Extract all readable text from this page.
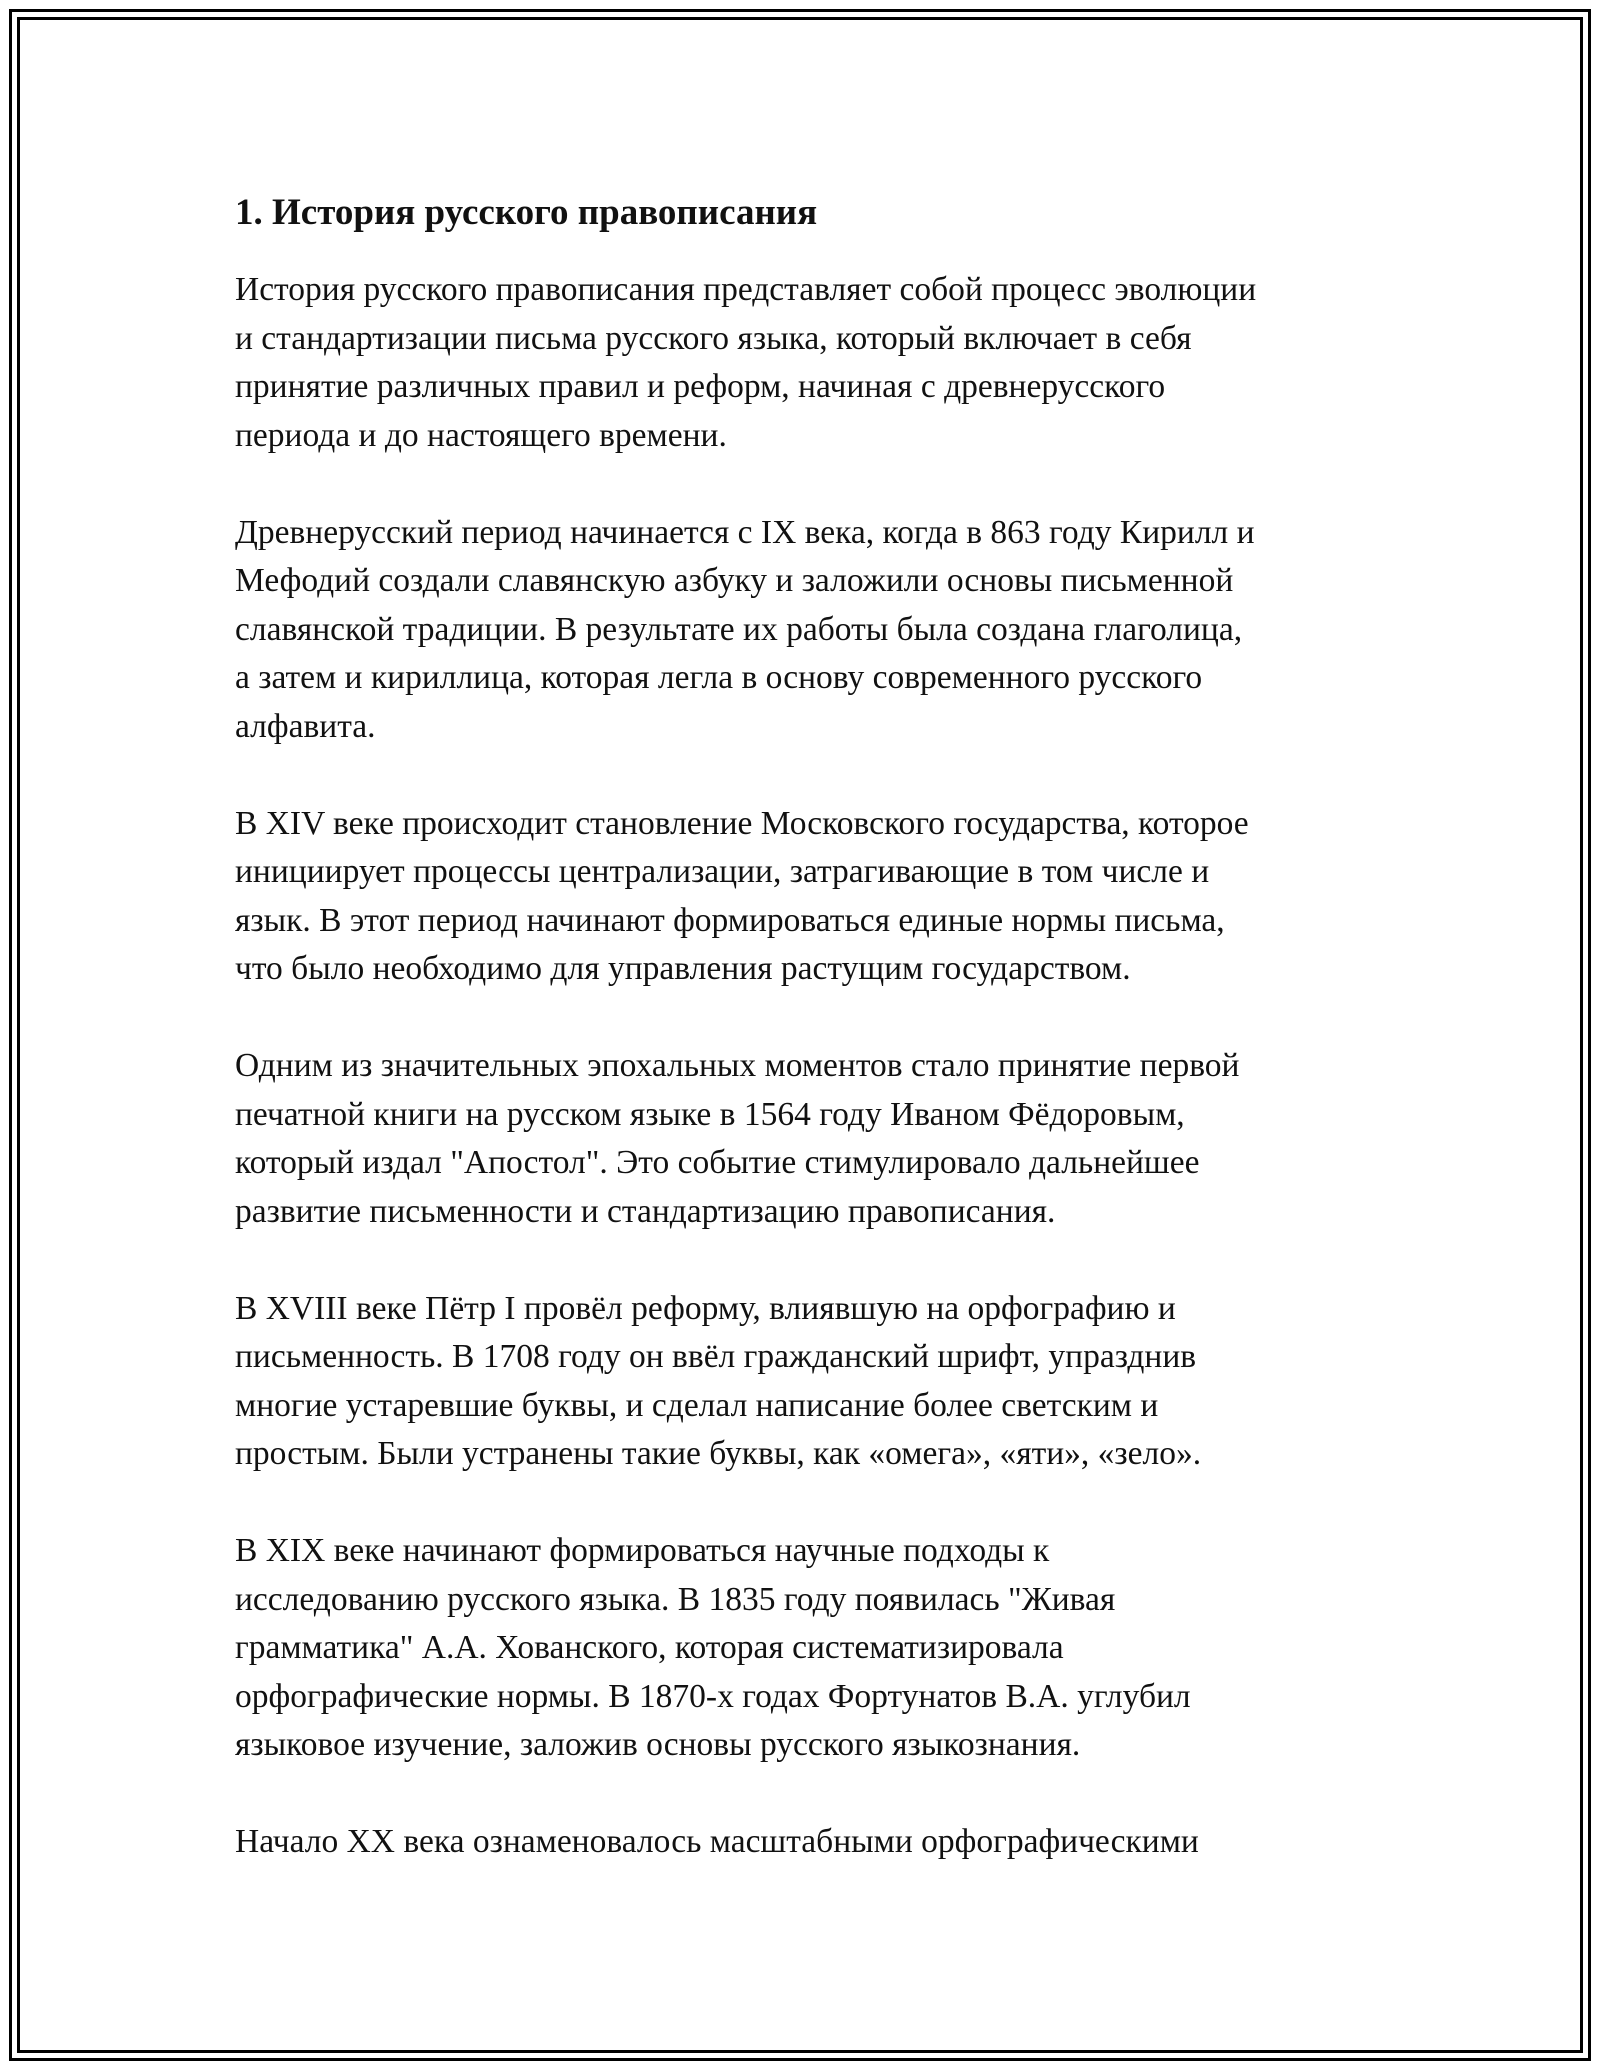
1. История русского правописания

История русского правописания представляет собой процесс эволюции
и стандартизации письма русского языка, который включает в себя
принятие различных правил и реформ, начиная с древнерусского
периода и до настоящего времени.

Древнерусский период начинается с IX века, когда в 863 году Кирилл и
Мефодий создали славянскую азбуку и заложили основы письменной
славянской традиции. В результате их работы была создана глаголица,
а затем и кириллица, которая легла в основу современного русского
алфавита.

В XIV веке происходит становление Московского государства, которое
инициирует процессы централизации, затрагивающие в том числе и
язык. В этот период начинают формироваться единые нормы письма,
что было необходимо для управления растущим государством.

Одним из значительных эпохальных моментов стало принятие первой
печатной книги на русском языке в 1564 году Иваном Фёдоровым,
который издал "Апостол". Это событие стимулировало дальнейшее
развитие письменности и стандартизацию правописания.

В XVIII веке Пётр I провёл реформу, влиявшую на орфографию и
письменность. В 1708 году он ввёл гражданский шрифт, упразднив
многие устаревшие буквы, и сделал написание более светским и
простым. Были устранены такие буквы, как «омега», «яти», «зело».

В XIX веке начинают формироваться научные подходы к
исследованию русского языка. В 1835 году появилась "Живая
грамматика" А.А. Хованского, которая систематизировала
орфографические нормы. В 1870-х годах Фортунатов В.А. углубил
языковое изучение, заложив основы русского языкознания.

Начало XX века ознаменовалось масштабными орфографическими
